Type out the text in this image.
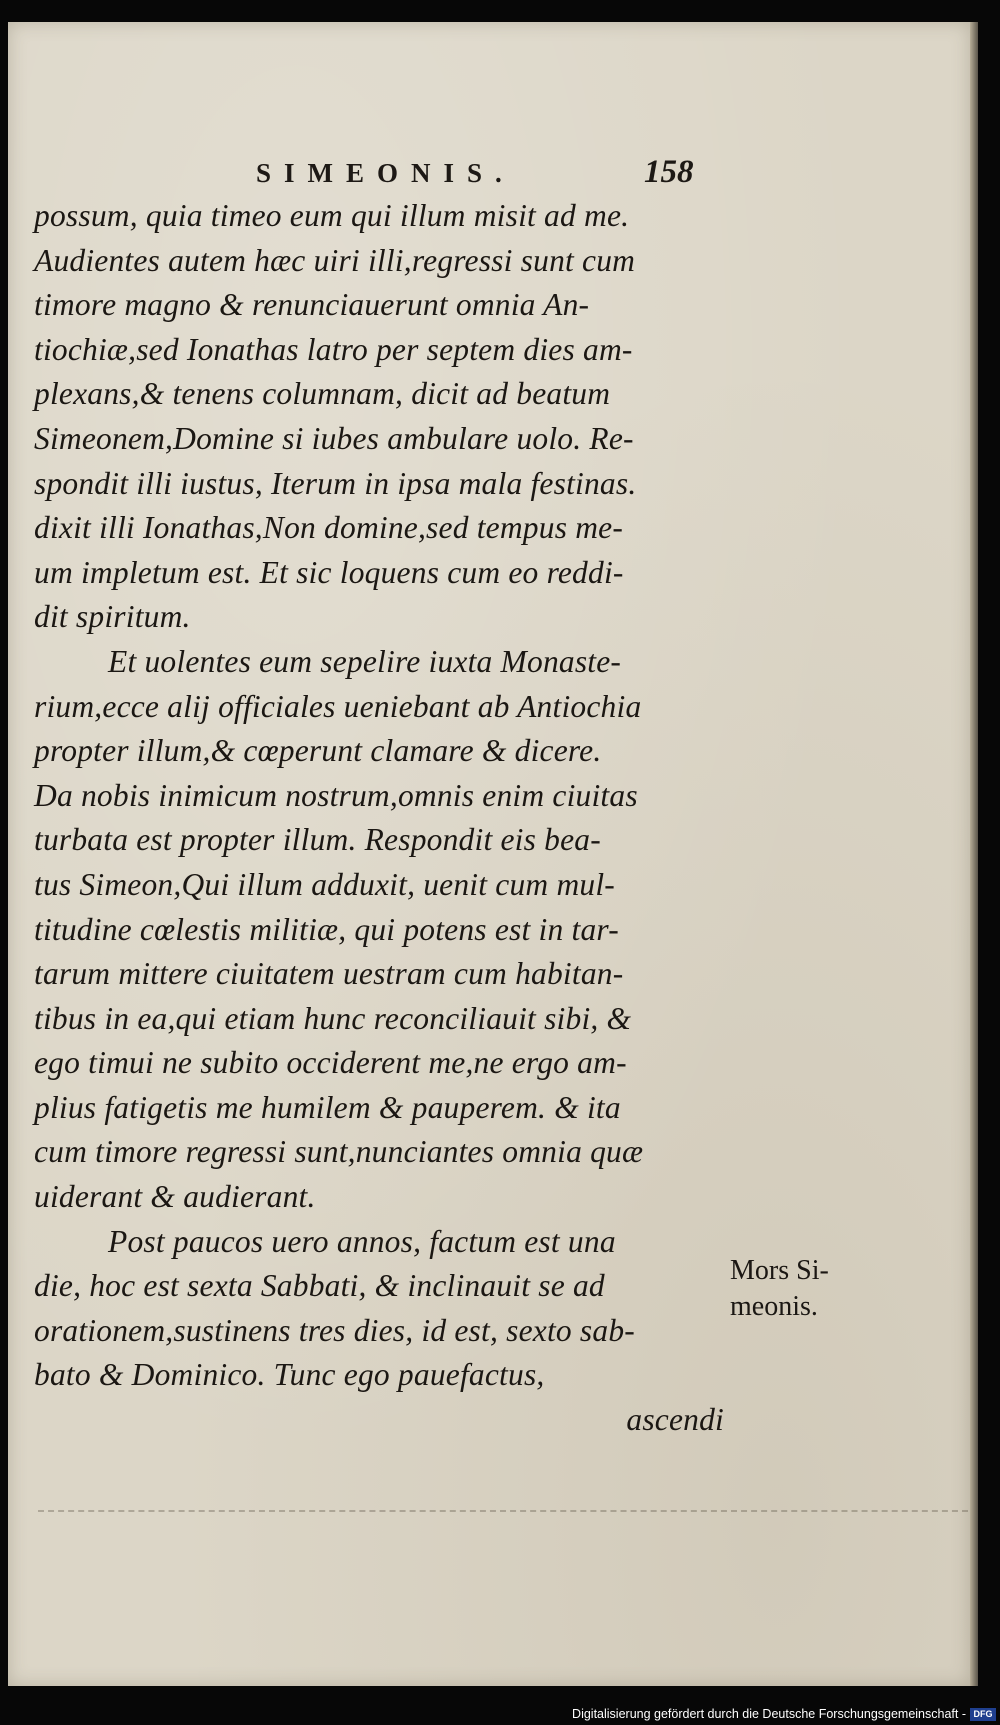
SIMEONIS.	158
possum, quia timeo eum qui illum misit ad me.
Audientes autem hæc uiri illi,regressi sunt cum
timore magno & renunciauerunt omnia An-
tiochiæ,sed Ionathas latro per septem dies am-
plexans,& tenens columnam, dicit ad beatum
Simeonem,Domine si iubes ambulare uolo. Re-
spondit illi iustus, Iterum in ipsa mala festinas.
dixit illi Ionathas,Non domine,sed tempus me-
um impletum est. Et sic loquens cum eo reddi-
dit spiritum.
Et uolentes eum sepelire iuxta Monaste-
rium,ecce alij officiales ueniebant ab Antiochia
propter illum,& cœperunt clamare & dicere.
Da nobis inimicum nostrum,omnis enim ciuitas
turbata est propter illum. Respondit eis bea-
tus Simeon,Qui illum adduxit, uenit cum mul-
titudine cœlestis militiæ, qui potens est in tar-
tarum mittere ciuitatem uestram cum habitan-
tibus in ea,qui etiam hunc reconciliauit sibi, &
ego timui ne subito occiderent me,ne ergo am-
plius fatigetis me humilem & pauperem. & ita
cum timore regressi sunt,nunciantes omnia quæ
uiderant & audierant.
Post paucos uero annos, factum est una
die, hoc est sexta Sabbati, & inclinauit se ad
orationem,sustinens tres dies, id est, sexto sab-
bato & Dominico. Tunc ego pauefactus,
ascendi
Mors Si-
meonis.
Digitalisierung gefördert durch die Deutsche Forschungsgemeinschaft - DFG
